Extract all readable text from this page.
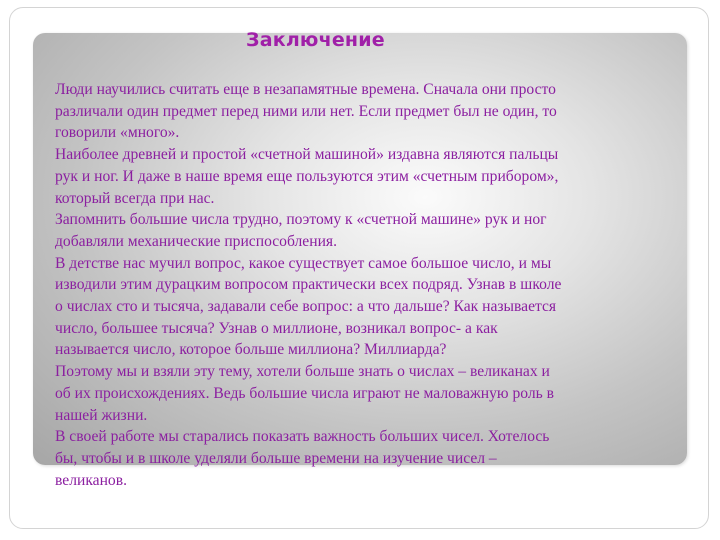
Заключение
Люди научились считать еще в незапамятные времена. Сначала они просто
различали один предмет перед ними или нет. Если предмет был не один, то
говорили «много».
Наиболее древней и простой «счетной машиной» издавна являются пальцы
рук и ног. И даже в наше время еще пользуются этим «счетным прибором»,
который всегда при нас.
Запомнить большие числа трудно, поэтому к «счетной машине» рук и ног
добавляли механические приспособления.
В детстве нас мучил вопрос, какое существует самое большое число, и мы
изводили этим дурацким вопросом практически всех подряд. Узнав в школе
о числах сто и тысяча, задавали себе вопрос: а что дальше? Как называется
число, большее тысяча? Узнав о миллионе, возникал вопрос- а как
называется число, которое больше миллиона? Миллиарда?
Поэтому мы и взяли эту тему, хотели больше знать о числах – великанах и
об их происхождениях. Ведь большие числа играют не маловажную роль в
нашей жизни.
В своей работе мы старались показать важность больших чисел. Хотелось
бы, чтобы и в школе уделяли больше времени на изучение чисел –
великанов.
